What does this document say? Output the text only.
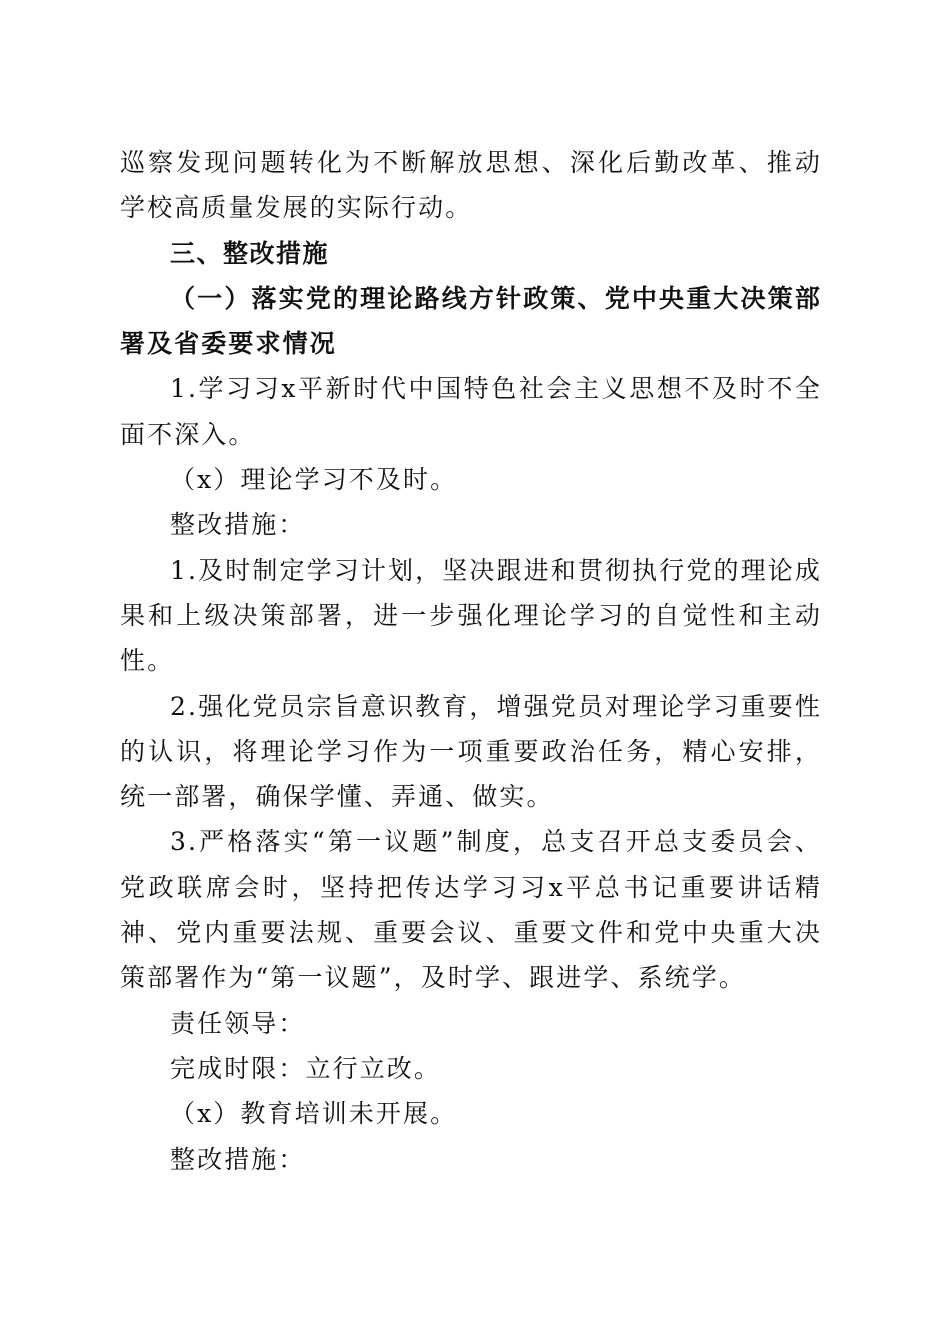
巡察发现问题转化为不断解放思想、深化后勤改革、推动学校高质量发展的实际行动。

三、整改措施

（一）落实党的理论路线方针政策、党中央重大决策部署及省委要求情况

1.学习习x平新时代中国特色社会主义思想不及时不全面不深入。

（x）理论学习不及时。

整改措施：

1.及时制定学习计划，坚决跟进和贯彻执行党的理论成果和上级决策部署，进一步强化理论学习的自觉性和主动性。

2.强化党员宗旨意识教育，增强党员对理论学习重要性的认识，将理论学习作为一项重要政治任务，精心安排，统一部署，确保学懂、弄通、做实。

3.严格落实“第一议题”制度，总支召开总支委员会、党政联席会时，坚持把传达学习习x平总书记重要讲话精神、党内重要法规、重要会议、重要文件和党中央重大决策部署作为“第一议题”，及时学、跟进学、系统学。

责任领导：

完成时限：立行立改。

（x）教育培训未开展。

整改措施：
